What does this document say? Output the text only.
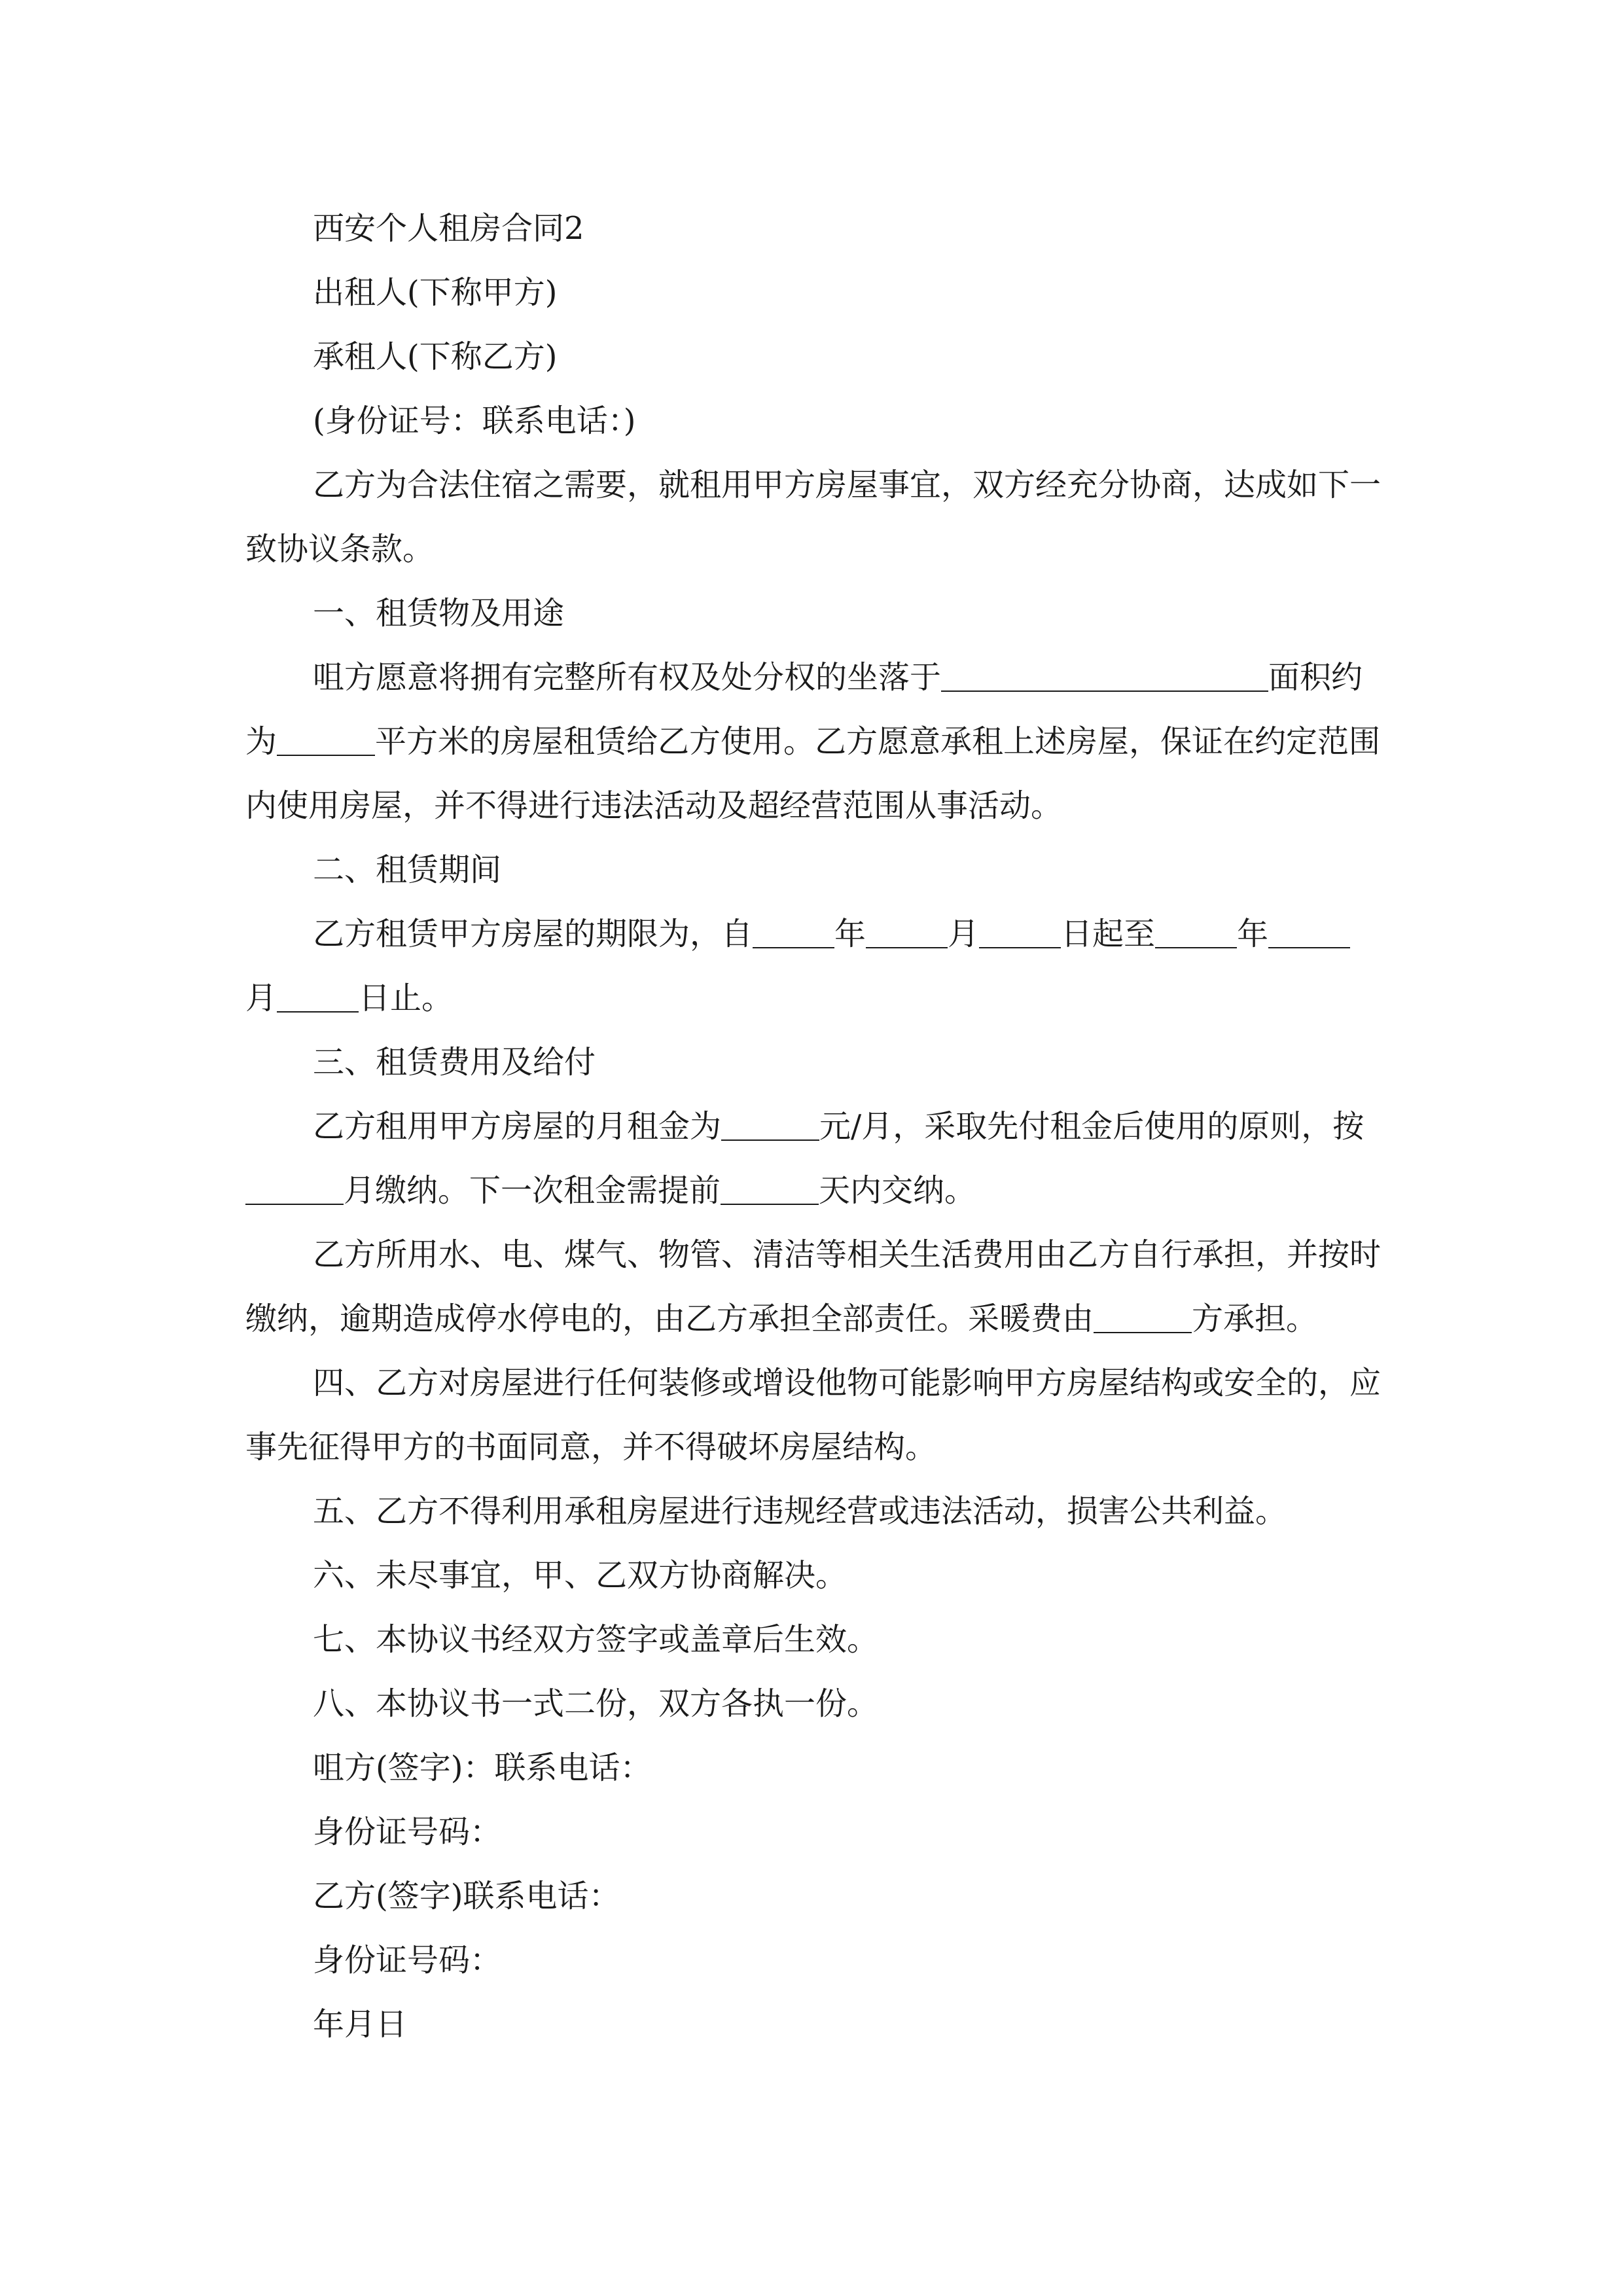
西安个人租房合同2

出租人(下称甲方)

承租人(下称乙方)

(身份证号：联系电话：)

乙方为合法住宿之需要，就租用甲方房屋事宜，双方经充分协商，达成如下一致协议条款。

一、租赁物及用途

咀方愿意将拥有完整所有权及处分权的坐落于	面积约为	平方米的房屋租赁给乙方使用。乙方愿意承租上述房屋，保证在约定范围内使用房屋，并不得进行违法活动及超经营范围从事活动。

二、租赁期间

乙方租赁甲方房屋的期限为，自	年	月	日起至	年月	日止。

三、租赁费用及给付

乙方租用甲方房屋的月租金为	元/月，采取先付租金后使用的原则，按月缴纳。下一次租金需提前	天内交纳。

乙方所用水、电、煤气、物管、清洁等相关生活费用由乙方自行承担，并按时缴纳，逾期造成停水停电的，由乙方承担全部责任。采暖费由	方承担。

四、乙方对房屋进行任何装修或增设他物可能影响甲方房屋结构或安全的，应事先征得甲方的书面同意，并不得破坏房屋结构。

五、乙方不得利用承租房屋进行违规经营或违法活动，损害公共利益。

六、未尽事宜，甲、乙双方协商解决。

七、本协议书经双方签字或盖章后生效。

八、本协议书一式二份，双方各执一份。

咀方(签字)：联系电话：

身份证号码：

乙方(签字)联系电话：

身份证号码：

年月日
